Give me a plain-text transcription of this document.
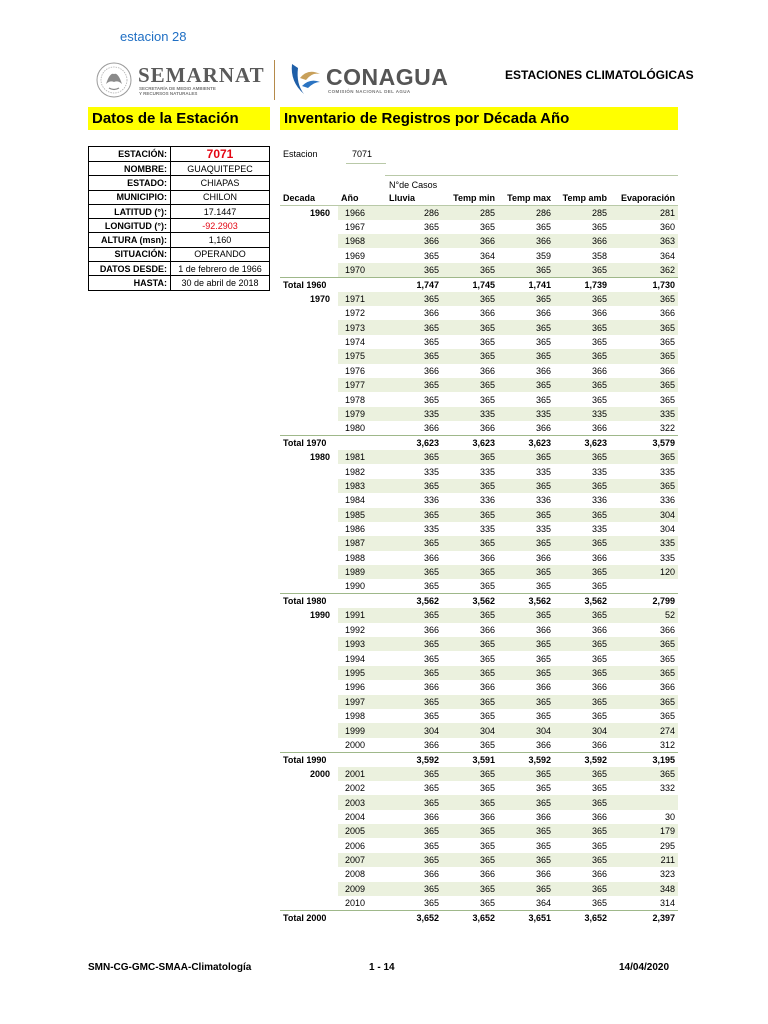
estacion 28
SEMARNAT
SECRETARÍA DE MEDIO AMBIENTE
Y RECURSOS NATURALES
CONAGUA
COMISIÓN NACIONAL DEL AGUA
ESTACIONES CLIMATOLÓGICAS
Datos de la Estación	Inventario de Registros por Década Año
ESTACIÓN:	7071
NOMBRE:	GUAQUITEPEC
ESTADO:	CHIAPAS
MUNICIPIO:	CHILON
LATITUD (°):	17.1447
LONGITUD (°):	-92.2903
ALTURA (msn):	1,160
SITUACIÓN:	OPERANDO
DATOS DESDE:	1 de febrero de 1966
HASTA:	30 de abril de 2018
Estacion	7071
N°de Casos
Decada	Año	Lluvia	Temp min	Temp max	Temp amb	Evaporación
1960	1966	286	285	286	285	281
	1967	365	365	365	365	360
	1968	366	366	366	366	363
	1969	365	364	359	358	364
	1970	365	365	365	365	362
Total 1960		1,747	1,745	1,741	1,739	1,730
1970	1971	365	365	365	365	365
	1972	366	366	366	366	366
	1973	365	365	365	365	365
	1974	365	365	365	365	365
	1975	365	365	365	365	365
	1976	366	366	366	366	366
	1977	365	365	365	365	365
	1978	365	365	365	365	365
	1979	335	335	335	335	335
	1980	366	366	366	366	322
Total 1970		3,623	3,623	3,623	3,623	3,579
1980	1981	365	365	365	365	365
	1982	335	335	335	335	335
	1983	365	365	365	365	365
	1984	336	336	336	336	336
	1985	365	365	365	365	304
	1986	335	335	335	335	304
	1987	365	365	365	365	335
	1988	366	366	366	366	335
	1989	365	365	365	365	120
	1990	365	365	365	365	
Total 1980		3,562	3,562	3,562	3,562	2,799
1990	1991	365	365	365	365	52
	1992	366	366	366	366	366
	1993	365	365	365	365	365
	1994	365	365	365	365	365
	1995	365	365	365	365	365
	1996	366	366	366	366	366
	1997	365	365	365	365	365
	1998	365	365	365	365	365
	1999	304	304	304	304	274
	2000	366	365	366	366	312
Total 1990		3,592	3,591	3,592	3,592	3,195
2000	2001	365	365	365	365	365
	2002	365	365	365	365	332
	2003	365	365	365	365	
	2004	366	366	366	366	30
	2005	365	365	365	365	179
	2006	365	365	365	365	295
	2007	365	365	365	365	211
	2008	366	366	366	366	323
	2009	365	365	365	365	348
	2010	365	365	364	365	314
Total 2000		3,652	3,652	3,651	3,652	2,397
SMN-CG-GMC-SMAA-Climatología	1 - 14	14/04/2020
